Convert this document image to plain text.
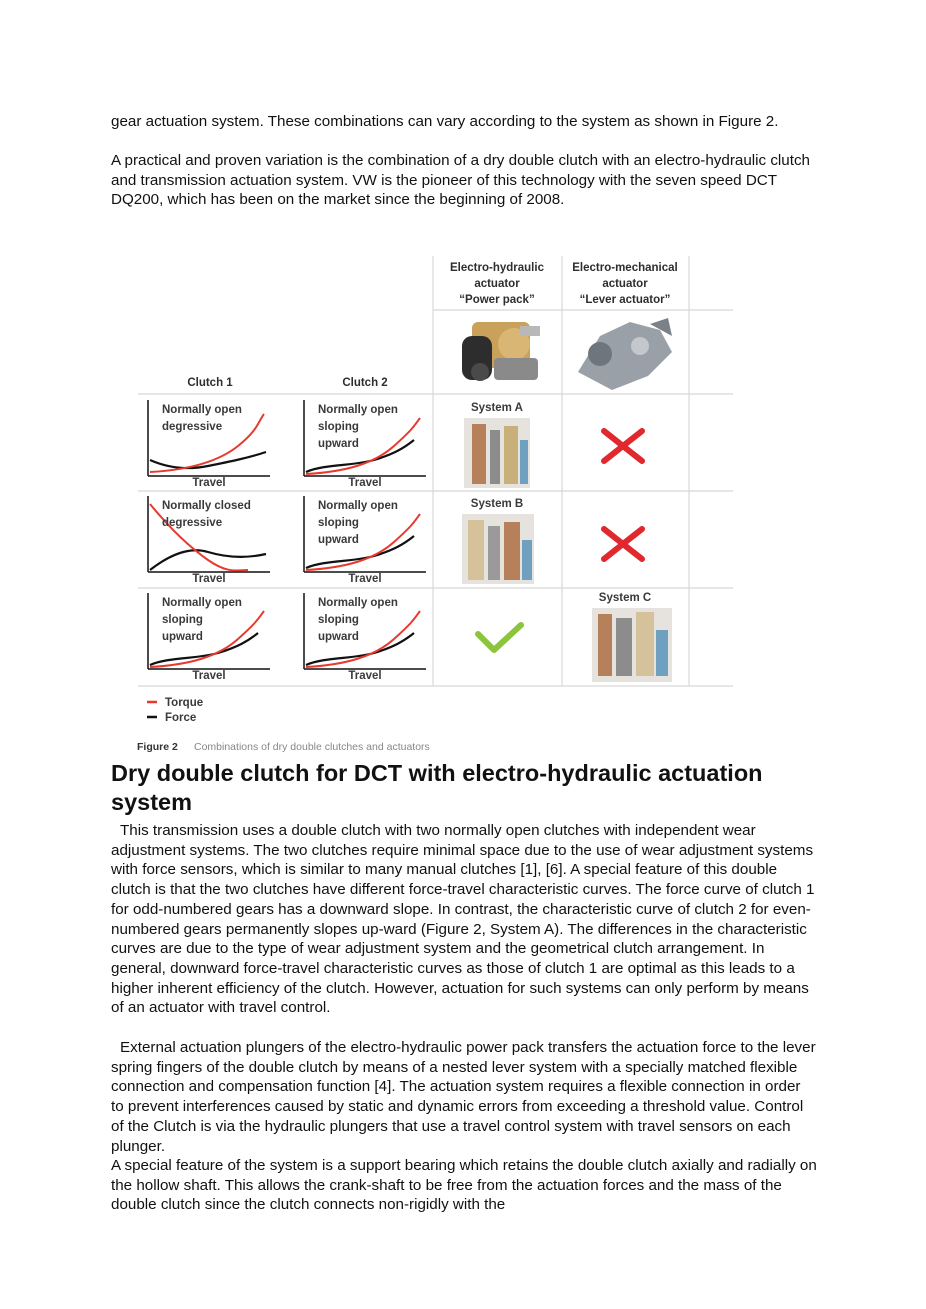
gear actuation system. These combinations can vary according to the system as shown in Figure 2.

A practical and proven variation is the combination of a dry double clutch with an electro-hydraulic clutch and transmission actuation system. VW is the pioneer of this technology with the seven speed DCT DQ200, which has been on the market since the beginning of 2008.

Electro-hydraulic
actuator
“Power pack”
Electro-mechanical
actuator
“Lever actuator”
Clutch 1	Clutch 2
Normally open
degressive
Travel
Normally open
sloping
upward
Travel
System A
Normally closed
degressive
Travel
Normally open
sloping
upward
Travel
System B
Normally open
sloping
upward
Travel
Normally open
sloping
upward
Travel
System C
Torque
Force
Figure 2 Combinations of dry double clutches and actuators
Dry double clutch for DCT with electro-hydraulic actuation system

This transmission uses a double clutch with two normally open clutches with independent wear adjustment systems. The two clutches require minimal space due to the use of wear adjustment systems with force sensors, which is similar to many manual clutches [1], [6]. A special feature of this double clutch is that the two clutches have different force-travel characteristic curves. The force curve of clutch 1 for odd-numbered gears has a downward slope. In contrast, the characteristic curve of clutch 2 for even-numbered gears permanently slopes up-ward (Figure 2, System A). The differences in the characteristic curves are due to the type of wear adjustment system and the geometrical clutch arrangement. In general, downward force-travel characteristic curves as those of clutch 1 are optimal as this leads to a higher inherent efficiency of the clutch. However, actuation for such systems can only perform by means of an actuator with travel control.

External actuation plungers of the electro-hydraulic power pack transfers the actuation force to the lever spring fingers of the double clutch by means of a nested lever system with a specially matched flexible connection and compensation function [4]. The actuation system requires a flexible connection in order to prevent interferences caused by static and dynamic errors from exceeding a threshold value. Control of the Clutch is via the hydraulic plungers that use a travel control system with travel sensors on each plunger.

A special feature of the system is a support bearing which retains the double clutch axially and radially on the hollow shaft. This allows the crank-shaft to be free from the actuation forces and the mass of the double clutch since the clutch connects non-rigidly with the
